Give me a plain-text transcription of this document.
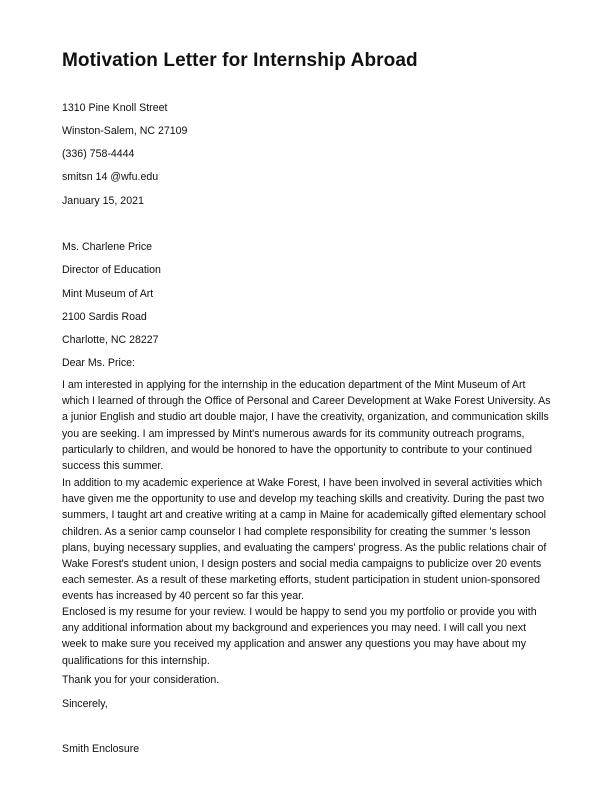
Motivation Letter for Internship Abroad
1310 Pine Knoll Street
Winston-Salem, NC 27109
(336) 758-4444
smitsn 14 @wfu.edu
January 15, 2021
Ms. Charlene Price
Director of Education
Mint Museum of Art
2100 Sardis Road
Charlotte, NC 28227
Dear Ms. Price:
I am interested in applying for the internship in the education department of the Mint Museum of Art
which I learned of through the Office of Personal and Career Development at Wake Forest University. As
a junior English and studio art double major, I have the creativity, organization, and communication skills
you are seeking. I am impressed by Mint's numerous awards for its community outreach programs,
particularly to children, and would be honored to have the opportunity to contribute to your continued
success this summer.
In addition to my academic experience at Wake Forest, I have been involved in several activities which
have given me the opportunity to use and develop my teaching skills and creativity. During the past two
summers, I taught art and creative writing at a camp in Maine for academically gifted elementary school
children. As a senior camp counselor I had complete responsibility for creating the summer 's lesson
plans, buying necessary supplies, and evaluating the campers' progress. As the public relations chair of
Wake Forest's student union, I design posters and social media campaigns to publicize over 20 events
each semester. As a result of these marketing efforts, student participation in student union-sponsored
events has increased by 40 percent so far this year.
Enclosed is my resume for your review. I would be happy to send you my portfolio or provide you with
any additional information about my background and experiences you may need. I will call you next
week to make sure you received my application and answer any questions you may have about my
qualifications for this internship.
Thank you for your consideration.
Sincerely,
Smith Enclosure
